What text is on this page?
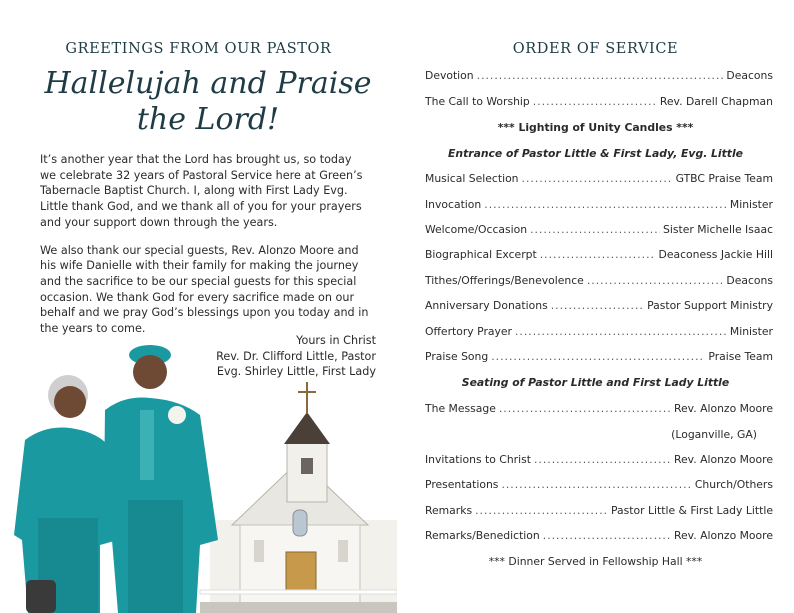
GREETINGS FROM OUR PASTOR
Hallelujah and Praise
the Lord!

It’s another year that the Lord has brought us, so today we celebrate 32 years of Pastoral Service here at Green’s Tabernacle Baptist Church. I, along with First Lady Evg. Little thank God, and we thank all of you for your prayers and your support down through the years.

We also thank our special guests, Rev. Alonzo Moore and his wife Danielle with their family for making the journey and the sacrifice to be our special guests for this special occasion. We thank God for every sacrifice made on our behalf and we pray God’s blessings upon you today and in the years to come.

Yours in Christ
Rev. Dr. Clifford Little, Pastor
Evg. Shirley Little, First Lady
ORDER OF SERVICE
Devotion .....	Deacons
The Call to Worship .....	Rev. Darell Chapman
*** Lighting of Unity Candles ***
Entrance of Pastor Little & First Lady, Evg. Little
Musical Selection .....	GTBC Praise Team
Invocation .....	Minister
Welcome/Occasion .....	Sister Michelle Isaac
Biographical Excerpt .....	Deaconess Jackie Hill
Tithes/Offerings/Benevolence .....	Deacons
Anniversary Donations .....	Pastor Support Ministry
Offertory Prayer .....	Minister
Praise Song .....	Praise Team
Seating of Pastor Little and First Lady Little
The Message .....	Rev. Alonzo Moore
(Loganville, GA)
Invitations to Christ .....	Rev. Alonzo Moore
Presentations .....	Church/Others
Remarks .....	Pastor Little & First Lady Little
Remarks/Benediction .....	Rev. Alonzo Moore
*** Dinner Served in Fellowship Hall ***
